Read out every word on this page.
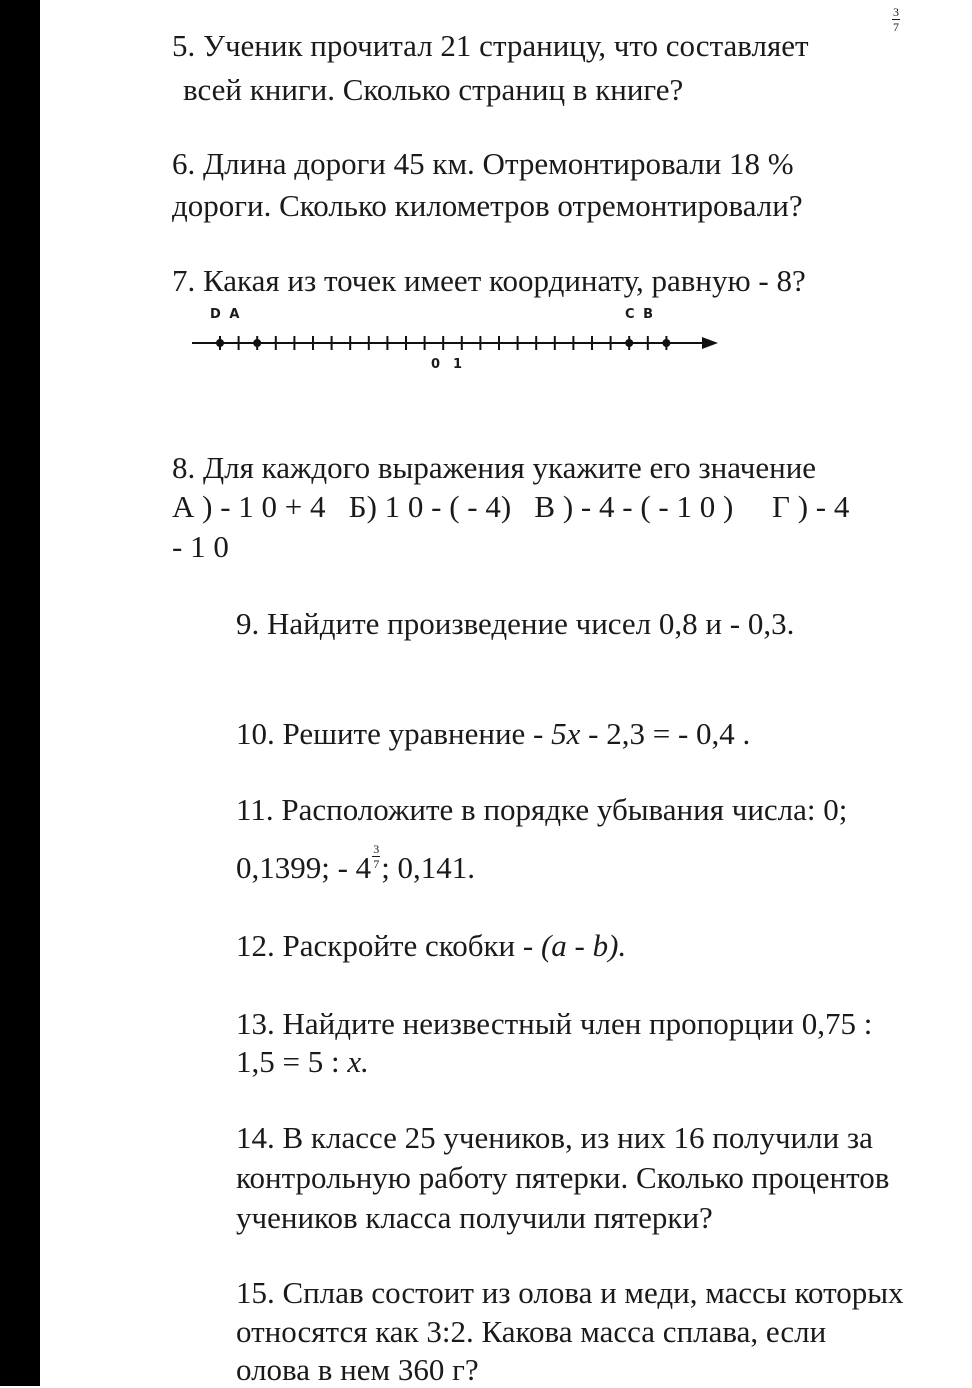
5. Ученик прочитал 21 страницу, что составляет
3
7
всей книги. Сколько страниц в книге?
6. Длина дороги 45 км. Отремонтировали 18 %
дороги. Сколько километров отремонтировали?
7. Какая из точек имеет координату, равную - 8?
D A	C B
0 1
8. Для каждого выражения укажите его значение
А ) - 1 0 + 4   Б) 1 0 - ( - 4)   В ) - 4 - ( - 1 0 )     Г ) - 4
- 1 0
9. Найдите произведение чисел 0,8 и - 0,3.
10. Решите уравнение - 5x - 2,3 = - 0,4 .
11. Расположите в порядке убывания числа: 0;
0,1399; - $4 \frac{3}{7}$ ; 0,141.
12. Раскройте скобки - (a - b).
13. Найдите неизвестный член пропорции 0,75 :
1,5 = 5 : x.
14. В классе 25 учеников, из них 16 получили за
контрольную работу пятерки. Сколько процентов
учеников класса получили пятерки?
15. Сплав состоит из олова и меди, массы которых
относятся как 3:2. Какова масса сплава, если
олова в нем 360 г?
